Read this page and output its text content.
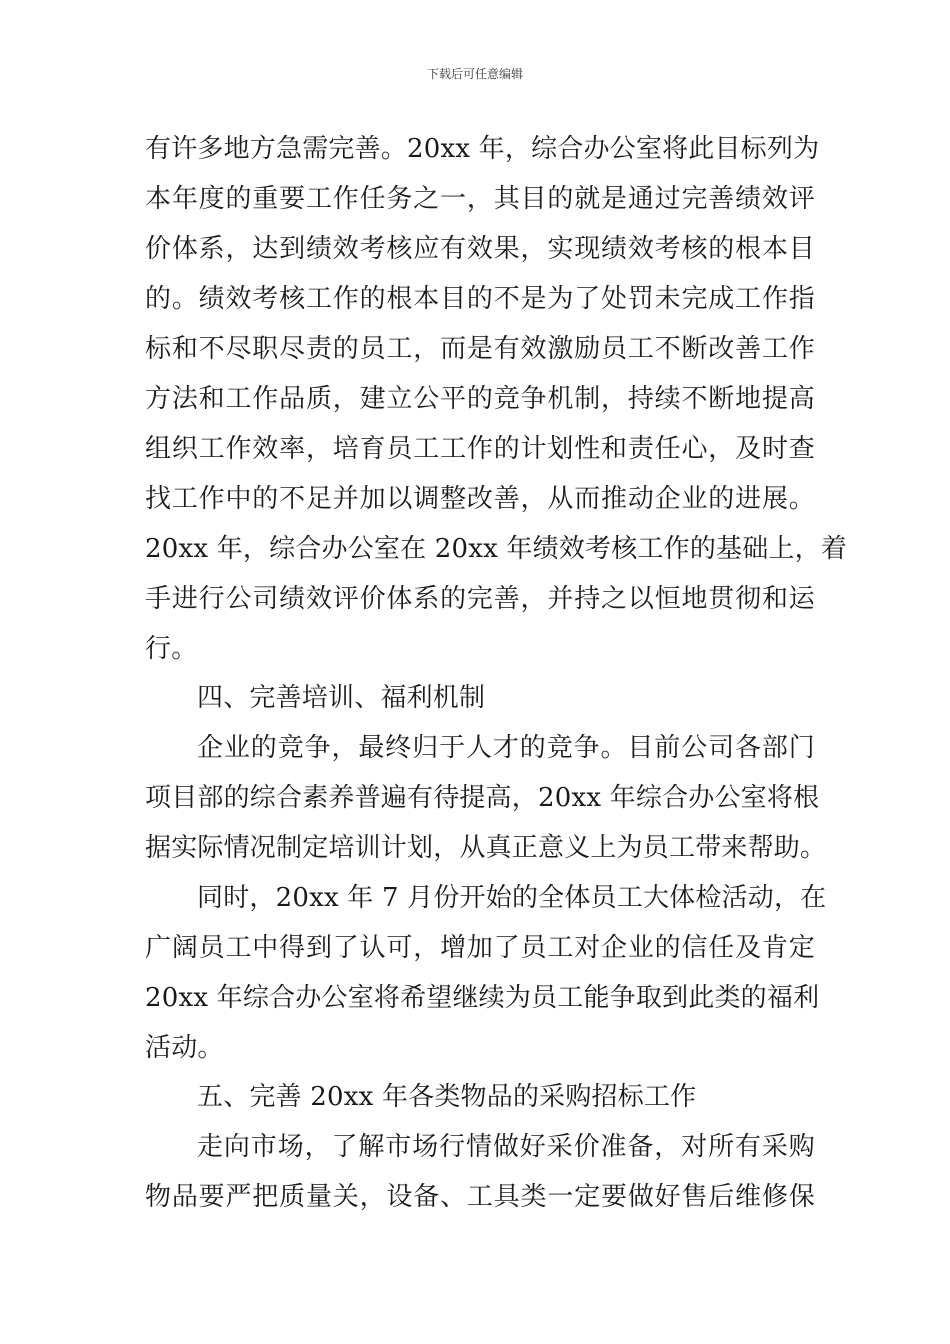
下载后可任意编辑
有许多地方急需完善。20xx 年，综合办公室将此目标列为
本年度的重要工作任务之一，其目的就是通过完善绩效评
价体系，达到绩效考核应有效果，实现绩效考核的根本目
的。绩效考核工作的根本目的不是为了处罚未完成工作指
标和不尽职尽责的员工，而是有效激励员工不断改善工作
方法和工作品质，建立公平的竞争机制，持续不断地提高
组织工作效率，培育员工工作的计划性和责任心，及时查
找工作中的不足并加以调整改善，从而推动企业的进展。
20xx 年，综合办公室在 20xx 年绩效考核工作的基础上，着
手进行公司绩效评价体系的完善，并持之以恒地贯彻和运
行。
四、完善培训、福利机制
企业的竞争，最终归于人才的竞争。目前公司各部门
项目部的综合素养普遍有待提高，20xx 年综合办公室将根
据实际情况制定培训计划，从真正意义上为员工带来帮助。
同时，20xx 年 7 月份开始的全体员工大体检活动，在
广阔员工中得到了认可，增加了员工对企业的信任及肯定
20xx 年综合办公室将希望继续为员工能争取到此类的福利
活动。
五、完善 20xx 年各类物品的采购招标工作
走向市场，了解市场行情做好采价准备，对所有采购
物品要严把质量关，设备、工具类一定要做好售后维修保
